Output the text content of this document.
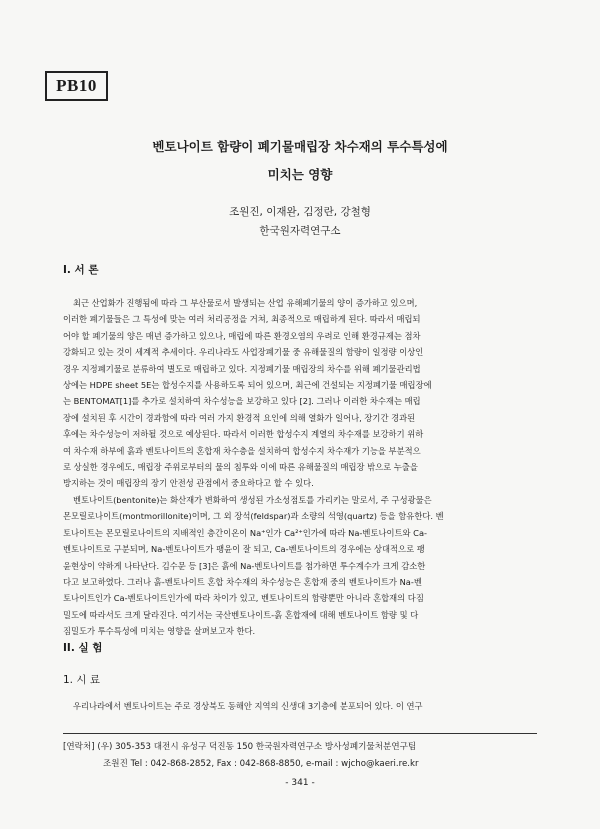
PB10
벤토나이트 함량이 폐기물매립장 차수재의 투수특성에
미치는 영향
조원진, 이재완, 김정란, 강철형
한국원자력연구소
I. 서 론
최근 산업화가 진행됨에 따라 그 부산물로서 발생되는 산업 유해폐기물의 양이 증가하고 있으며,
이러한 폐기물들은 그 특성에 맞는 여러 처리공정을 거쳐, 최종적으로 매립하게 된다. 따라서 매립되
어야 할 폐기물의 양은 매년 증가하고 있으나, 매립에 따른 환경오염의 우려로 인해 환경규제는 점차
강화되고 있는 것이 세계적 추세이다. 우리나라도 사업장폐기물 중 유해물질의 함량이 일정량 이상인
경우 지정폐기물로 분류하여 별도로 매립하고 있다. 지정폐기물 매립장의 차수를 위해 폐기물관리법
상에는 HDPE sheet 5E는 합성수지를 사용하도록 되어 있으며, 최근에 건설되는 지정폐기물 매립장에
는 BENTOMAT[1]를 추가로 설치하여 차수성능을 보강하고 있다 [2]. 그러나 이러한 차수재는 매립
장에 설치된 후 시간이 경과함에 따라 여러 가지 환경적 요인에 의해 열화가 일어나, 장기간 경과된
후에는 차수성능이 저하될 것으로 예상된다. 따라서 이러한 합성수지 계열의 차수재를 보강하기 위하
여 차수재 하부에 흙과 벤토나이트의 혼합재 차수층을 설치하여 합성수지 차수재가 기능을 부분적으
로 상실한 경우에도, 매립장 주위로부터의 물의 침투와 이에 따른 유해물질의 매립장 밖으로 누출을
방지하는 것이 매립장의 장기 안전성 관점에서 중요하다고 할 수 있다.
벤토나이트(bentonite)는 화산재가 변화하여 생성된 가소성점토를 가리키는 말로서, 주 구성광물은
몬모릴로나이트(montmorillonite)이며, 그 외 장석(feldspar)과 소량의 석영(quartz) 등을 함유한다. 벤
토나이트는 몬모릴로나이트의 지배적인 층간이온이 Na⁺인가 Ca²⁺인가에 따라 Na-벤토나이트와 Ca-
벤토나이트로 구분되며, Na-벤토나이트가 팽윤이 잘 되고, Ca-벤토나이트의 경우에는 상대적으로 팽
윤현상이 약하게 나타난다. 김수문 등 [3]은 흙에 Na-벤토나이트를 첨가하면 투수계수가 크게 감소한
다고 보고하였다. 그러나 흙-벤토나이트 혼합 차수재의 차수성능은 혼합재 중의 벤토나이트가 Na-벤
토나이트인가 Ca-벤토나이트인가에 따라 차이가 있고, 벤토나이트의 함량뿐만 아니라 혼합재의 다짐
밀도에 따라서도 크게 달라진다. 여기서는 국산벤토나이트-흙 혼합재에 대해 벤토나이트 함량 및 다
짐밀도가 투수특성에 미치는 영향을 살펴보고자 한다.
II. 실 험
1. 시 료
우리나라에서 벤토나이트는 주로 경상북도 동해안 지역의 신생대 3기층에 분포되어 있다. 이 연구
[연락처] (우) 305-353 대전시 유성구 덕진동 150 한국원자력연구소 방사성폐기물처분연구팀
조원진 Tel : 042-868-2852, Fax : 042-868-8850, e-mail : wjcho@kaeri.re.kr
- 341 -
